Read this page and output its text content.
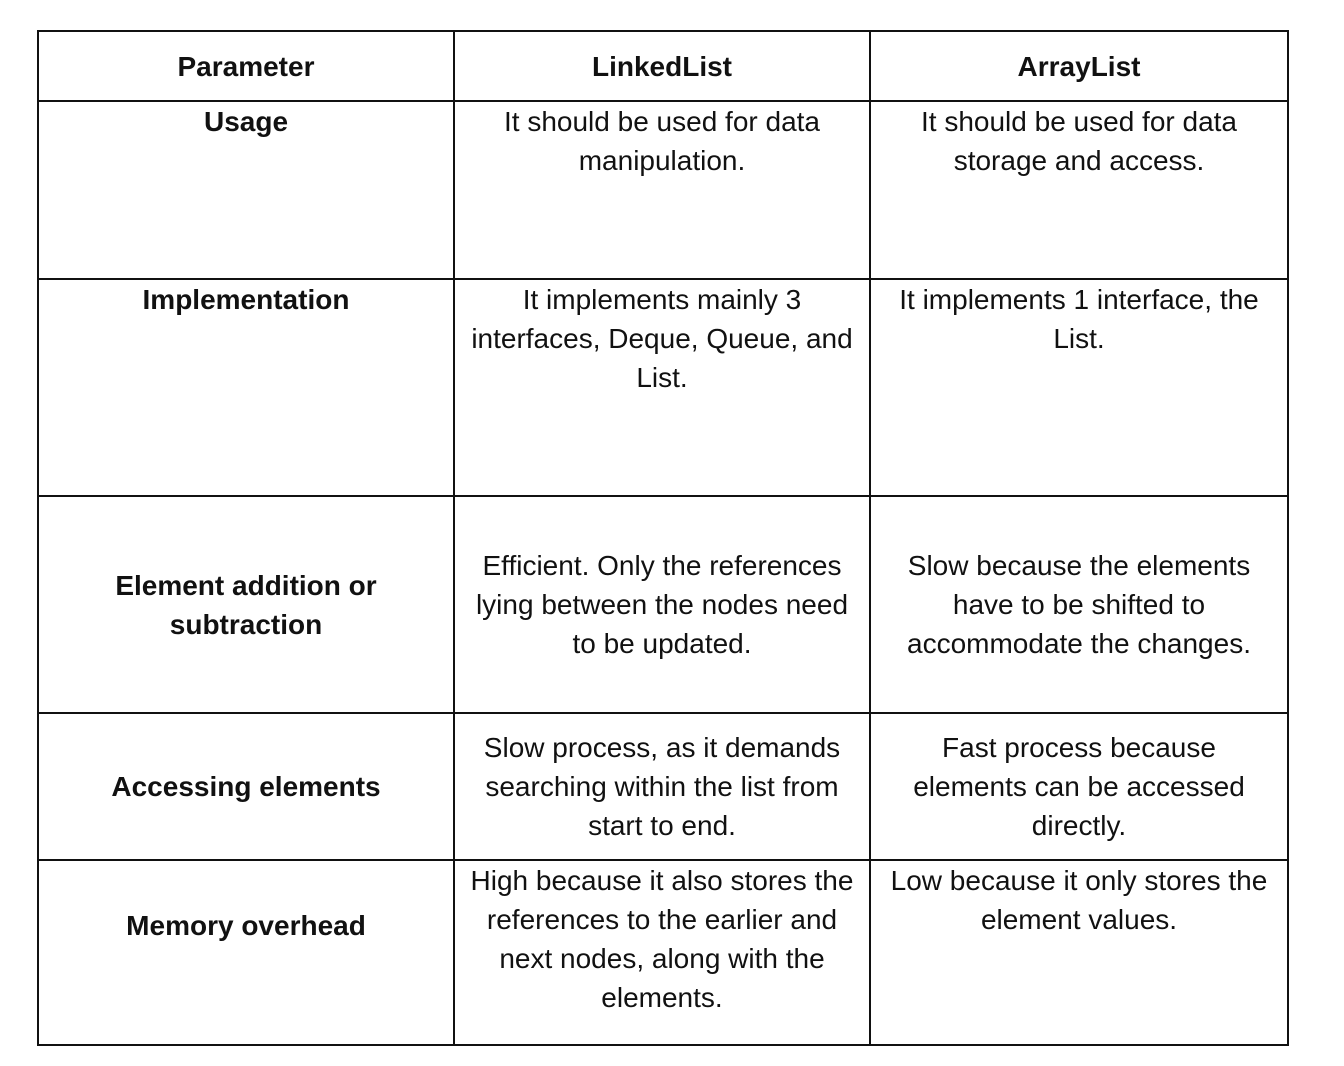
Parameter	LinkedList	ArrayList
Usage	It should be used for data manipulation.	It should be used for data storage and access.
Implementation	It implements mainly 3 interfaces, Deque, Queue, and List.	It implements 1 interface, the List.
Element addition or subtraction	Efficient. Only the references lying between the nodes need to be updated.	Slow because the elements have to be shifted to accommodate the changes.
Accessing elements	Slow process, as it demands searching within the list from start to end.	Fast process because elements can be accessed directly.
Memory overhead	High because it also stores the references to the earlier and next nodes, along with the elements.	Low because it only stores the element values.
